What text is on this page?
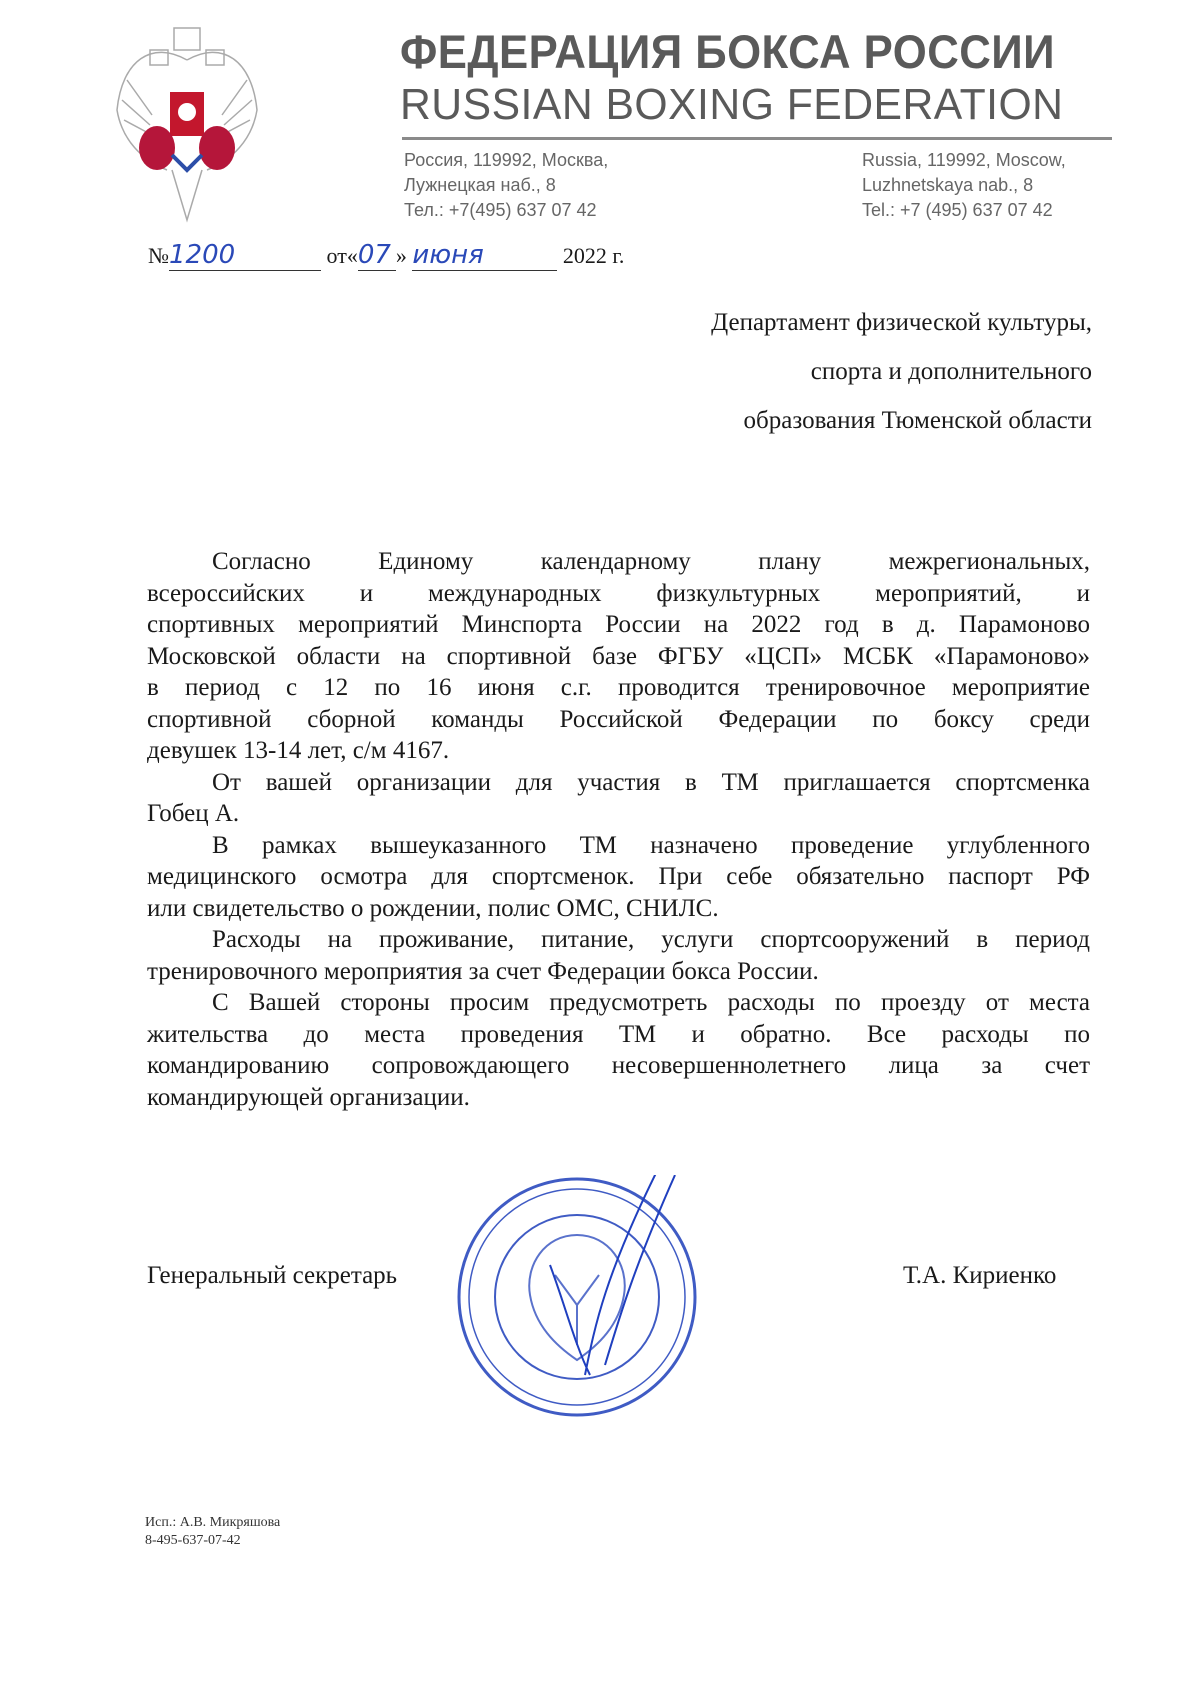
ФЕДЕРАЦИЯ БОКСА РОССИИ
RUSSIAN BOXING FEDERATION
Россия, 119992, Москва,
Лужнецкая наб., 8
Тел.: +7(495) 637 07 42
Russia, 119992, Moscow,
Luzhnetskaya nab., 8
Tel.: +7 (495) 637 07 42
№1200	от«07 » июня	2022 г.
Департамент физической культуры,
спорта и дополнительного
образования Тюменской области
Согласно Единому календарному плану межрегиональных,
всероссийских и международных физкультурных мероприятий, и
спортивных мероприятий Минспорта России на 2022 год в д. Парамоново
Московской области на спортивной базе ФГБУ «ЦСП» МСБК «Парамоново»
в период с 12 по 16 июня с.г. проводится тренировочное мероприятие
спортивной сборной команды Российской Федерации по боксу среди
девушек 13-14 лет, с/м 4167.
От вашей организации для участия в ТМ приглашается спортсменка
Гобец А.
В рамках вышеуказанного ТМ назначено проведение углубленного
медицинского осмотра для спортсменок. При себе обязательно паспорт РФ
или свидетельство о рождении, полис ОМС, СНИЛС.
Расходы на проживание, питание, услуги спортсооружений в период
тренировочного мероприятия за счет Федерации бокса России.
С Вашей стороны просим предусмотреть расходы по проезду от места
жительства до места проведения ТМ и обратно. Все расходы по
командированию сопровождающего несовершеннолетнего лица за счет
командирующей организации.
Генеральный секретарь	Т.А. Кириенко
Исп.: А.В. Микряшова
8-495-637-07-42
